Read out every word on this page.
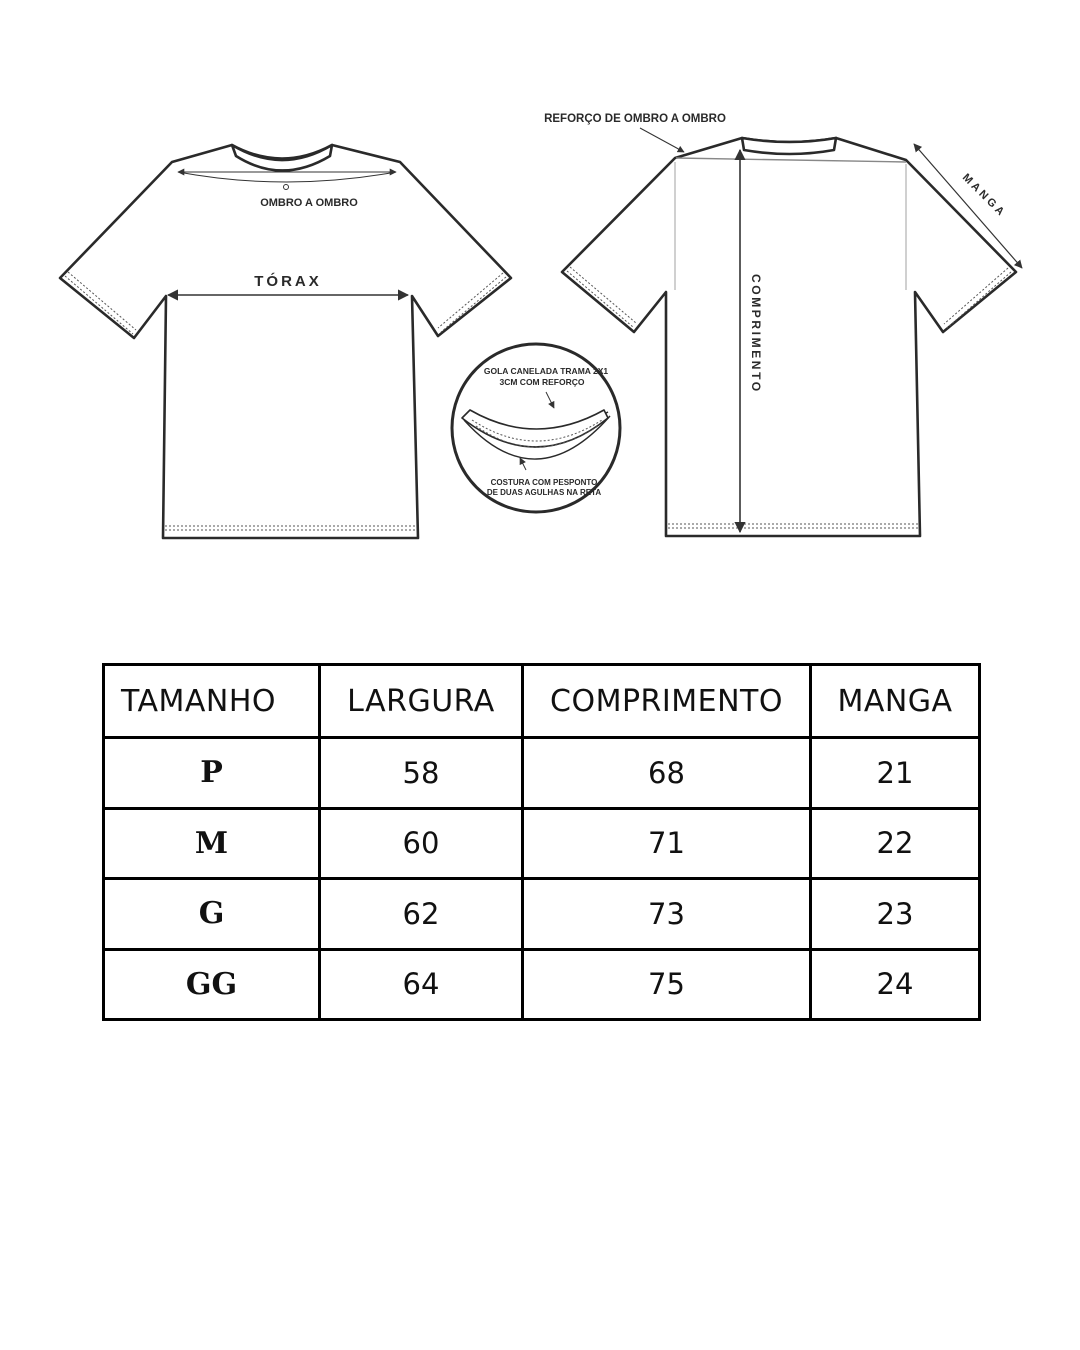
OMBRO A OMBRO
TÓRAX
GOLA CANELADA TRAMA 2X1
3CM COM REFORÇO
COSTURA COM PESPONTO
DE DUAS AGULHAS NA RETA
COMPRIMENTO
MANGA
REFORÇO DE OMBRO A OMBRO
TAMANHO	LARGURA	COMPRIMENTO	MANGA
P	58	68	21
M	60	71	22
G	62	73	23
GG	64	75	24
